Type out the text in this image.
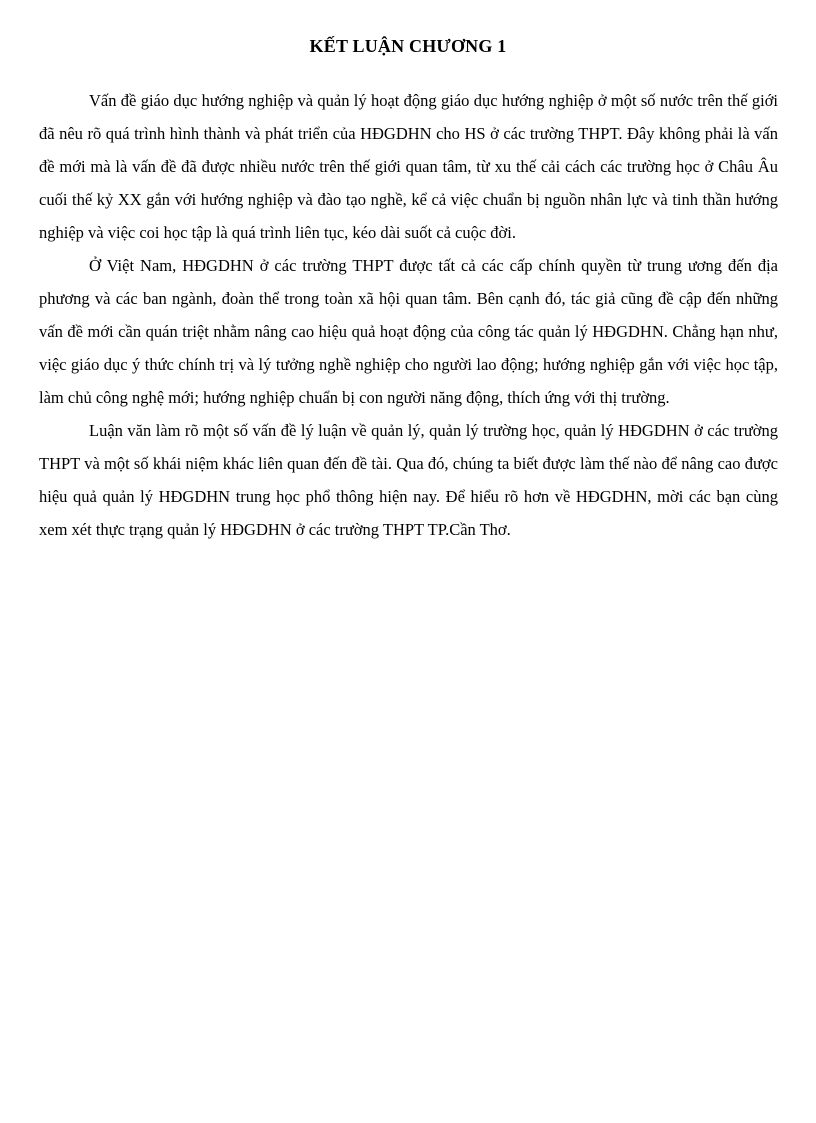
KẾT LUẬN CHƯƠNG 1

Vấn đề giáo dục hướng nghiệp và quản lý hoạt động giáo dục hướng nghiệp ở một số nước trên thế giới đã nêu rõ quá trình hình thành và phát triển của HĐGDHN cho HS ở các trường THPT. Đây không phải là vấn đề mới mà là vấn đề đã được nhiều nước trên thế giới quan tâm, từ xu thế cải cách các trường học ở Châu Âu cuối thế kỷ XX gắn với hướng nghiệp và đào tạo nghề, kể cả việc chuẩn bị nguồn nhân lực và tinh thần hướng nghiệp và việc coi học tập là quá trình liên tục, kéo dài suốt cả cuộc đời.

Ở Việt Nam, HĐGDHN ở các trường THPT được tất cả các cấp chính quyền từ trung ương đến địa phương và các ban ngành, đoàn thể trong toàn xã hội quan tâm. Bên cạnh đó, tác giả cũng đề cập đến những vấn đề mới cần quán triệt nhằm nâng cao hiệu quả hoạt động của công tác quản lý HĐGDHN. Chẳng hạn như, việc giáo dục ý thức chính trị và lý tưởng nghề nghiệp cho người lao động; hướng nghiệp gắn với việc học tập, làm chủ công nghệ mới; hướng nghiệp chuẩn bị con người năng động, thích ứng với thị trường.

Luận văn làm rõ một số vấn đề lý luận về quản lý, quản lý trường học, quản lý HĐGDHN ở các trường THPT và một số khái niệm khác liên quan đến đề tài. Qua đó, chúng ta biết được làm thế nào để nâng cao được hiệu quả quản lý HĐGDHN trung học phổ thông hiện nay. Để hiểu rõ hơn về HĐGDHN, mời các bạn cùng xem xét thực trạng quản lý HĐGDHN ở các trường THPT TP.Cần Thơ.
